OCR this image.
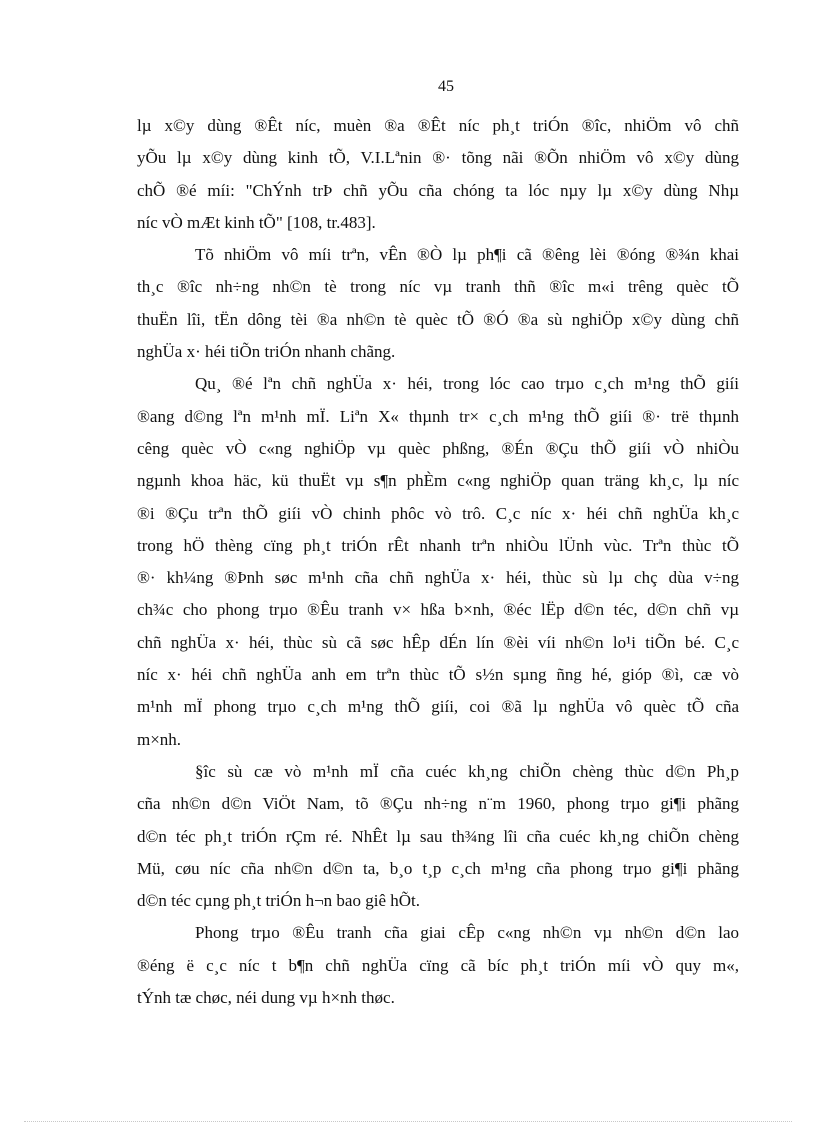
45
lµ x©y dùng ®Êt níc, muèn ®a ®Êt níc ph¸t triÓn ®îc, nhiÖm vô chñ
yÕu lµ x©y dùng kinh tÕ, V.I.Lªnin ®· tõng nãi ®Õn nhiÖm vô x©y dùng
chÕ ®é míi: "ChÝnh trÞ chñ yÕu cña chóng ta lóc nµy lµ x©y dùng Nhµ
níc vÒ mÆt kinh tÕ" [108, tr.483].
Tõ nhiÖm vô míi trªn, vÊn ®Ò lµ ph¶i cã ®êng lèi ®óng ®¾n khai
th¸c ®îc nh÷ng nh©n tè trong níc vµ tranh thñ ®îc m«i trêng quèc tÕ
thuËn lîi, tËn dông tèi ®a nh©n tè quèc tÕ ®Ó ®a sù nghiÖp x©y dùng chñ
nghÜa x· héi tiÕn triÓn nhanh chãng.
Qu¸ ®é lªn chñ nghÜa x· héi, trong lóc cao trµo c¸ch m¹ng thÕ giíi
®ang d©ng lªn m¹nh mÏ. Liªn X« thµnh tr× c¸ch m¹ng thÕ giíi ®· trë thµnh
cêng quèc vÒ c«ng nghiÖp vµ quèc phßng, ®Én ®Çu thÕ giíi vÒ nhiÒu
ngµnh khoa häc, kü thuËt vµ s¶n phÈm c«ng nghiÖp quan träng kh¸c, lµ níc
®i ®Çu trªn thÕ giíi vÒ chinh phôc vò trô. C¸c níc x· héi chñ nghÜa kh¸c
trong hÖ thèng cïng ph¸t triÓn rÊt nhanh trªn nhiÒu lÜnh vùc. Trªn thùc tÕ
®· kh¼ng ®Þnh søc m¹nh cña chñ nghÜa x· héi, thùc sù lµ chç dùa v÷ng
ch¾c cho phong trµo ®Êu tranh v× hßa b×nh, ®éc lËp d©n téc, d©n chñ vµ
chñ nghÜa x· héi, thùc sù cã søc hÊp dÉn lín ®èi víi nh©n lo¹i tiÕn bé. C¸c
níc x· héi chñ nghÜa anh em trªn thùc tÕ s½n sµng ñng hé, gióp ®ì, cæ vò
m¹nh mÏ phong trµo c¸ch m¹ng thÕ giíi, coi ®ã lµ nghÜa vô quèc tÕ cña
m×nh.
§îc sù cæ vò m¹nh mÏ cña cuéc kh¸ng chiÕn chèng thùc d©n Ph¸p
cña nh©n d©n ViÖt Nam, tõ ®Çu nh÷ng n¨m 1960, phong trµo gi¶i phãng
d©n téc ph¸t triÓn rÇm ré. NhÊt lµ sau th¾ng lîi cña cuéc kh¸ng chiÕn chèng
Mü, cøu níc cña nh©n d©n ta, b¸o t¸p c¸ch m¹ng cña phong trµo gi¶i phãng
d©n téc cµng ph¸t triÓn h¬n bao giê hÕt.
Phong trµo ®Êu tranh cña giai cÊp c«ng nh©n vµ nh©n d©n lao
®éng ë c¸c níc t b¶n chñ nghÜa cïng cã bíc ph¸t triÓn míi vÒ quy m«,
tÝnh tæ chøc, néi dung vµ h×nh thøc.
